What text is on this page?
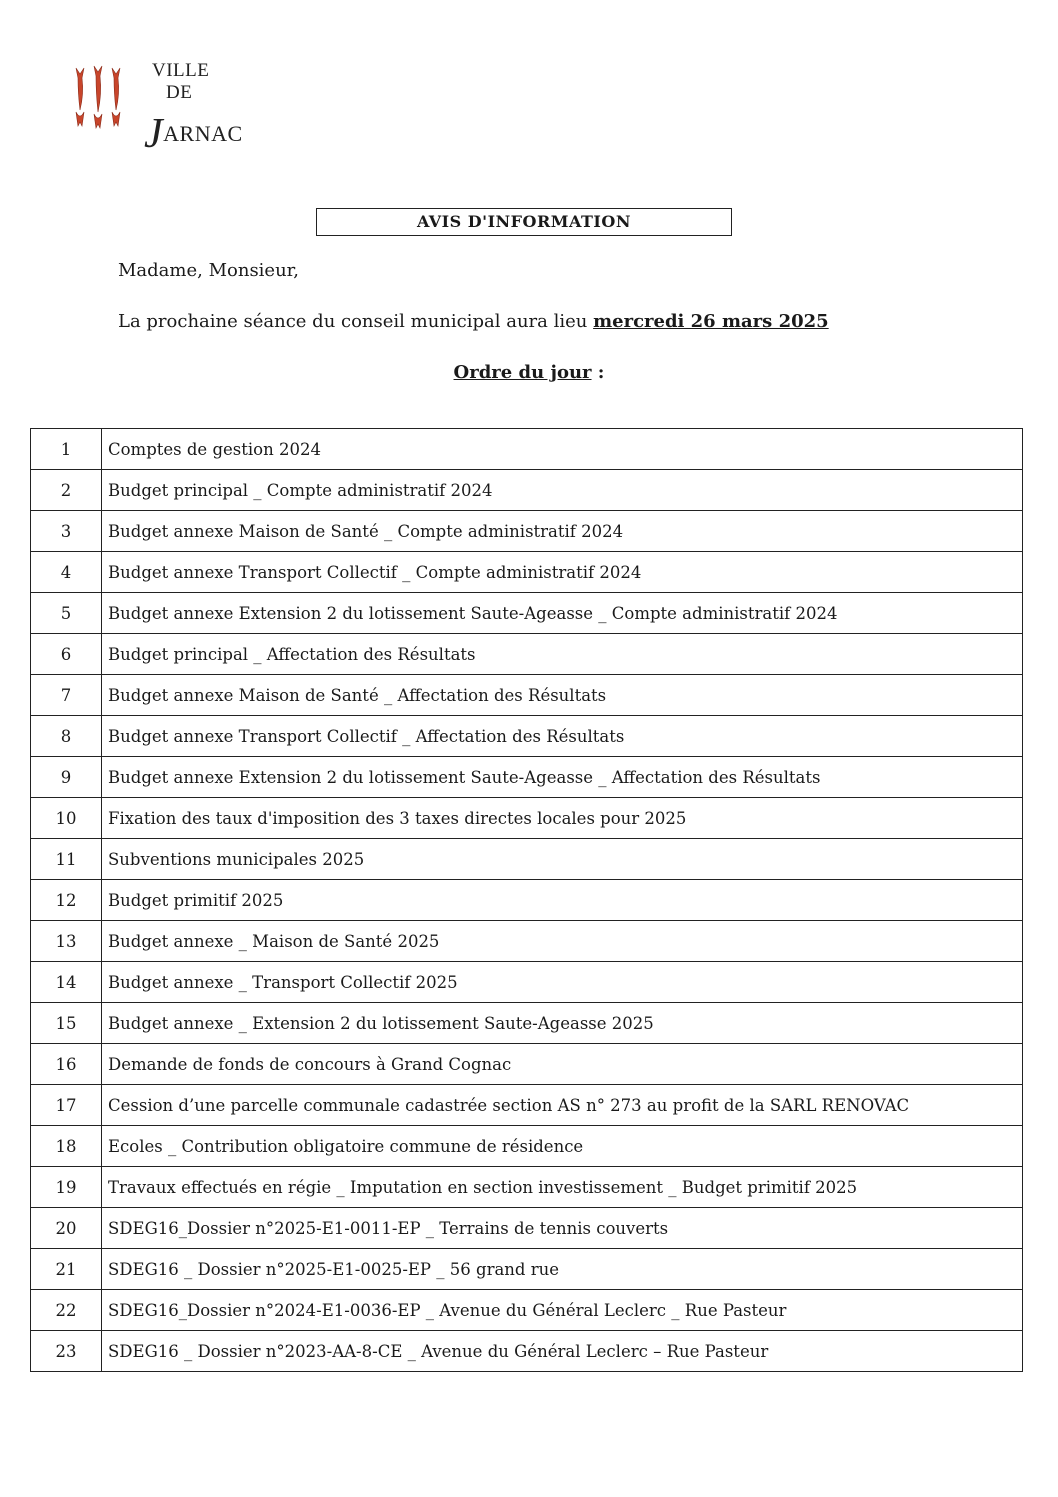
VILLE
DE
JARNAC
AVIS D'INFORMATION
Madame, Monsieur,
La prochaine séance du conseil municipal aura lieu mercredi 26 mars 2025
Ordre du jour :
1	Comptes de gestion 2024
2	Budget principal _ Compte administratif 2024
3	Budget annexe Maison de Santé _ Compte administratif 2024
4	Budget annexe Transport Collectif _ Compte administratif 2024
5	Budget annexe Extension 2 du lotissement Saute-Ageasse _ Compte administratif 2024
6	Budget principal _ Affectation des Résultats
7	Budget annexe Maison de Santé _ Affectation des Résultats
8	Budget annexe Transport Collectif _ Affectation des Résultats
9	Budget annexe Extension 2 du lotissement Saute-Ageasse _ Affectation des Résultats
10	Fixation des taux d'imposition des 3 taxes directes locales pour 2025
11	Subventions municipales 2025
12	Budget primitif 2025
13	Budget annexe _ Maison de Santé 2025
14	Budget annexe _ Transport Collectif 2025
15	Budget annexe _ Extension 2 du lotissement Saute-Ageasse 2025
16	Demande de fonds de concours à Grand Cognac
17	Cession d’une parcelle communale cadastrée section AS n° 273 au profit de la SARL RENOVAC
18	Ecoles _ Contribution obligatoire commune de résidence
19	Travaux effectués en régie _ Imputation en section investissement _ Budget primitif 2025
20	SDEG16_Dossier n°2025-E1-0011-EP _ Terrains de tennis couverts
21	SDEG16 _ Dossier n°2025-E1-0025-EP _ 56 grand rue
22	SDEG16_Dossier n°2024-E1-0036-EP _ Avenue du Général Leclerc _ Rue Pasteur
23	SDEG16 _ Dossier n°2023-AA-8-CE _ Avenue du Général Leclerc – Rue Pasteur
